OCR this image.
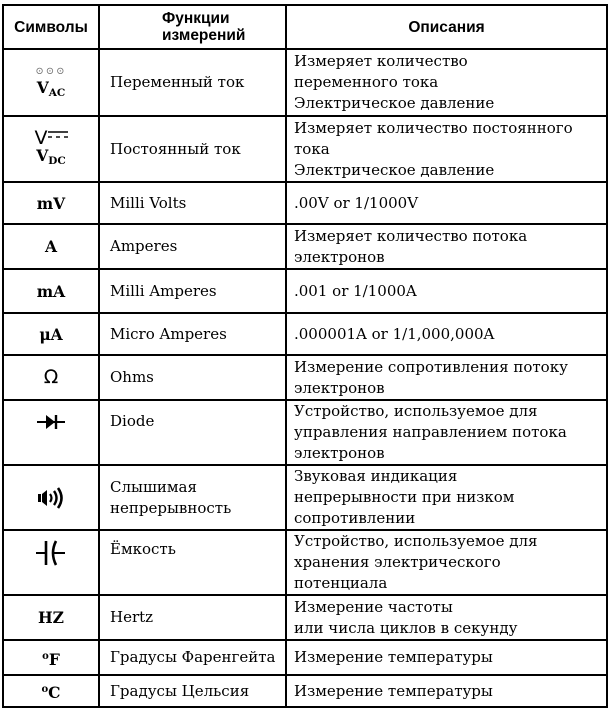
Символы	Функции измерений	Описания

⊙⊙⊙
$V_{AC}$	Переменный ток	Измеряет количество
переменного тока
Электрическое давление

V
$V_{DC}$	Постоянный ток	Измеряет количество постоянного
тока
Электрическое давление
mV	Milli Volts	.00V or 1/1000V
A	Amperes	Измеряет количество потока
электронов
mA	Milli Amperes	.001 or 1/1000A
μA	Micro Amperes	.000001A or 1/1,000,000A
Ω	Ohms	Измерение сопротивления потоку
электронов

	Diode	Устройство, используемое для
управления направлением потока
электронов

	Слышимая непрерывность	Звуковая индикация
непрерывности при низком
сопротивлении

	Ёмкость	Устройство, используемое для
хранения электрического
потенциала
HZ	Hertz	Измерение частоты
или числа циклов в секунду
$^o$F	Градусы Фаренгейта	Измерение температуры
$^o$C	Градусы Цельсия	Измерение температуры
